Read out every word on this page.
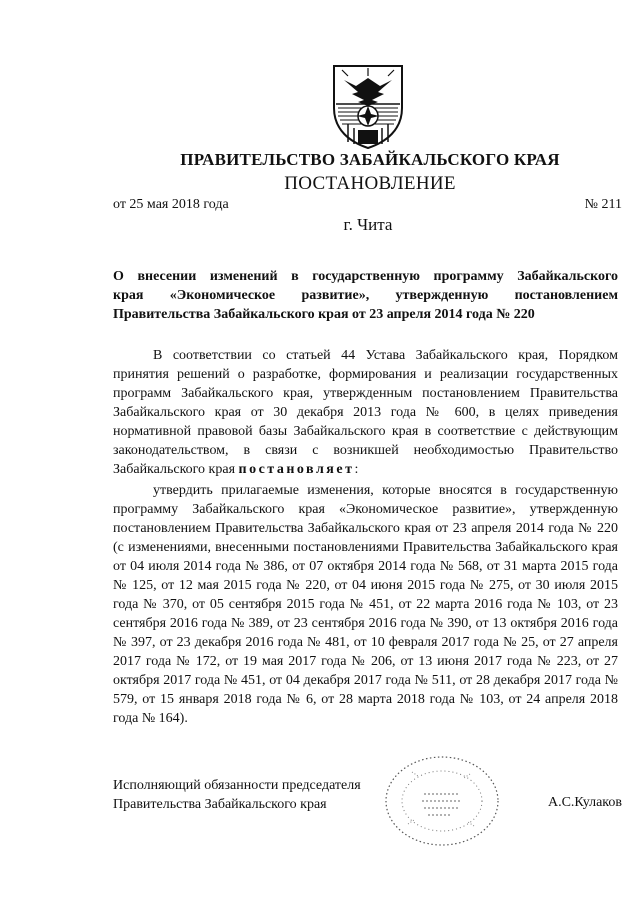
ПРАВИТЕЛЬСТВО ЗАБАЙКАЛЬСКОГО КРАЯ
ПОСТАНОВЛЕНИЕ
от 25 мая 2018 года	№ 211
г. Чита
О внесении изменений в государственную программу Забайкальского
края «Экономическое развитие», утвержденную постановлением
Правительства Забайкальского края от 23 апреля 2014 года № 220
В соответствии со статьей 44 Устава Забайкальского края, Порядком принятия решений о разработке, формирования и реализации государственных программ Забайкальского края, утвержденным постановлением Правительства Забайкальского края от 30 декабря 2013 года № 600, в целях приведения нормативной правовой базы Забайкальского края в соответствие с действующим законодательством, в связи с возникшей необходимостью Правительство Забайкальского края постановляет:
утвердить прилагаемые изменения, которые вносятся в государственную программу Забайкальского края «Экономическое развитие», утвержденную постановлением Правительства Забайкальского края от 23 апреля 2014 года № 220 (с изменениями, внесенными постановлениями Правительства Забайкальского края от 04 июля 2014 года № 386, от 07 октября 2014 года № 568, от 31 марта 2015 года № 125, от 12 мая 2015 года № 220, от 04 июня 2015 года № 275, от 30 июля 2015 года № 370, от 05 сентября 2015 года № 451, от 22 марта 2016 года № 103, от 23 сентября 2016 года № 389, от 23 сентября 2016 года № 390, от 13 октября 2016 года № 397, от 23 декабря 2016 года № 481, от 10 февраля 2017 года № 25, от 27 апреля 2017 года № 172, от 19 мая 2017 года № 206, от 13 июня 2017 года № 223, от 27 октября 2017 года № 451, от 04 декабря 2017 года № 511, от 28 декабря 2017 года № 579, от 15 января 2018 года № 6, от 28 марта 2018 года № 103, от 24 апреля 2018 года № 164).
Исполняющий обязанности председателя
Правительства Забайкальского края	А.С.Кулаков
